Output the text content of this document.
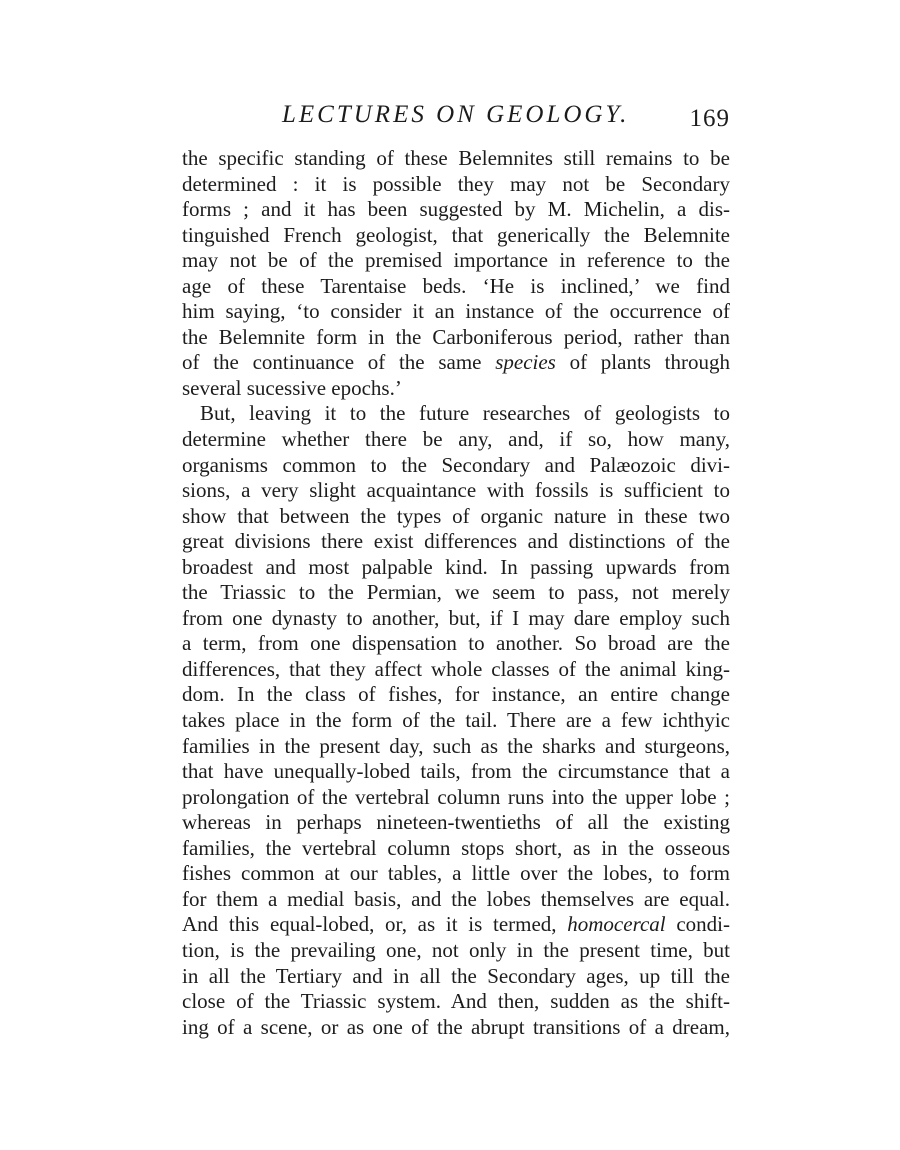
LECTURES ON GEOLOGY. 169
the specific standing of these Belemnites still remains to be
determined : it is possible they may not be Secondary
forms ; and it has been suggested by M. Michelin, a dis-
tinguished French geologist, that generically the Belemnite
may not be of the premised importance in reference to the
age of these Tarentaise beds. ‘He is inclined,’ we find
him saying, ‘to consider it an instance of the occurrence of
the Belemnite form in the Carboniferous period, rather than
of the continuance of the same species of plants through
several sucessive epochs.’
But, leaving it to the future researches of geologists to
determine whether there be any, and, if so, how many,
organisms common to the Secondary and Palæozoic divi-
sions, a very slight acquaintance with fossils is sufficient to
show that between the types of organic nature in these two
great divisions there exist differences and distinctions of the
broadest and most palpable kind. In passing upwards from
the Triassic to the Permian, we seem to pass, not merely
from one dynasty to another, but, if I may dare employ such
a term, from one dispensation to another. So broad are the
differences, that they affect whole classes of the animal king-
dom. In the class of fishes, for instance, an entire change
takes place in the form of the tail. There are a few ichthyic
families in the present day, such as the sharks and sturgeons,
that have unequally-lobed tails, from the circumstance that a
prolongation of the vertebral column runs into the upper lobe ;
whereas in perhaps nineteen-twentieths of all the existing
families, the vertebral column stops short, as in the osseous
fishes common at our tables, a little over the lobes, to form
for them a medial basis, and the lobes themselves are equal.
And this equal-lobed, or, as it is termed, homocercal condi-
tion, is the prevailing one, not only in the present time, but
in all the Tertiary and in all the Secondary ages, up till the
close of the Triassic system. And then, sudden as the shift-
ing of a scene, or as one of the abrupt transitions of a dream,
